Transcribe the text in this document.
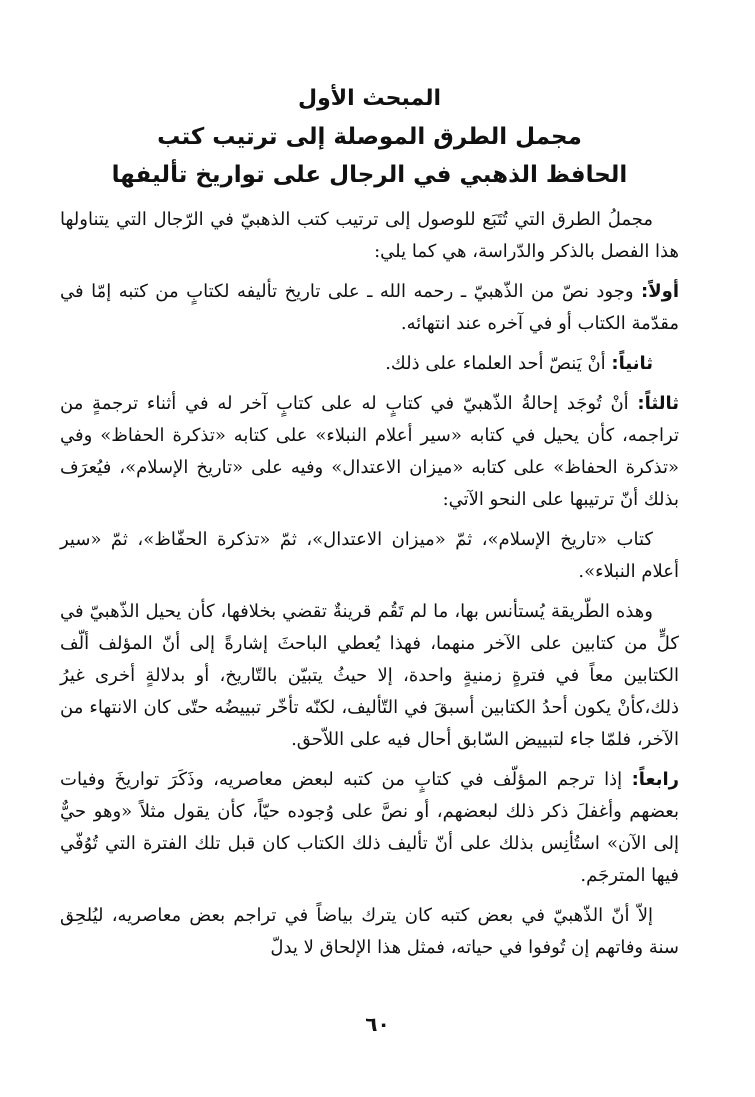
المبحث الأول

مجمل الطرق الموصلة إلى ترتيب كتب

الحافظ الذهبي في الرجال على تواريخ تأليفها

مجملُ الطرق التي تُتَبَع للوصول إلى ترتيب كتب الذهبيّ في الرّجال التي يتناولها هذا الفصل بالذكر والدّراسة، هي كما يلي:

أولاً: وجود نصّ من الذّهبيّ ـ رحمه الله ـ على تاريخ تأليفه لكتابٍ من كتبه إمّا في مقدّمة الكتاب أو في آخره عند انتهائه.

ثانياً: أنْ يَنصّ أحد العلماء على ذلك.

ثالثاً: أنْ تُوجَد إحالةُ الذّهبيّ في كتابٍ له على كتابٍ آخر له في أثناء ترجمةٍ من تراجمه، كأن يحيل في كتابه «سير أعلام النبلاء» على كتابه «تذكرة الحفاظ» وفي «تذكرة الحفاظ» على كتابه «ميزان الاعتدال» وفيه على «تاريخ الإسلام»، فيُعرَف بذلك أنّ ترتيبها على النحو الآتي:

كتاب «تاريخ الإسلام»، ثمّ «ميزان الاعتدال»، ثمّ «تذكرة الحفّاظ»، ثمّ «سير أعلام النبلاء».

وهذه الطّريقة يُستأنس بها، ما لم تَقُم قرينةٌ تقضي بخلافها، كأن يحيل الذّهبيّ في كلٍّ من كتابين على الآخر منهما، فهذا يُعطي الباحثَ إشارةً إلى أنّ المؤلف ألّف الكتابين معاً في فترةٍ زمنيةٍ واحدة، إلا حيثُ يتبيّن بالتّاريخ، أو بدلالةٍ أخرى غيرُ ذلك،كأنْ يكون أحدُ الكتابين أسبقَ في التّأليف، لكنّه تأخّر تبييضُه حتّى كان الانتهاء من الآخر، فلمّا جاء لتبييض السّابق أحال فيه على اللاّحق.

رابعاً: إذا ترجم المؤلّف في كتابٍ من كتبه لبعض معاصريه، وذَكَرَ تواريخَ وفيات بعضهم وأغفلَ ذكر ذلك لبعضهم، أو نصَّ على وُجوده حيّاً، كأن يقول مثلاً «وهو حيٌّ إلى الآن» استُأنِس بذلك على أنّ تأليف ذلك الكتاب كان قبل تلك الفترة التي تُوُفّي فيها المترجَم.

إلاّ أنّ الذّهبيّ في بعض كتبه كان يترك بياضاً في تراجم بعض معاصريه، ليُلحِق سنة وفاتهم إن تُوفوا في حياته، فمثل هذا الإلحاق لا يدلّ

٦٠
